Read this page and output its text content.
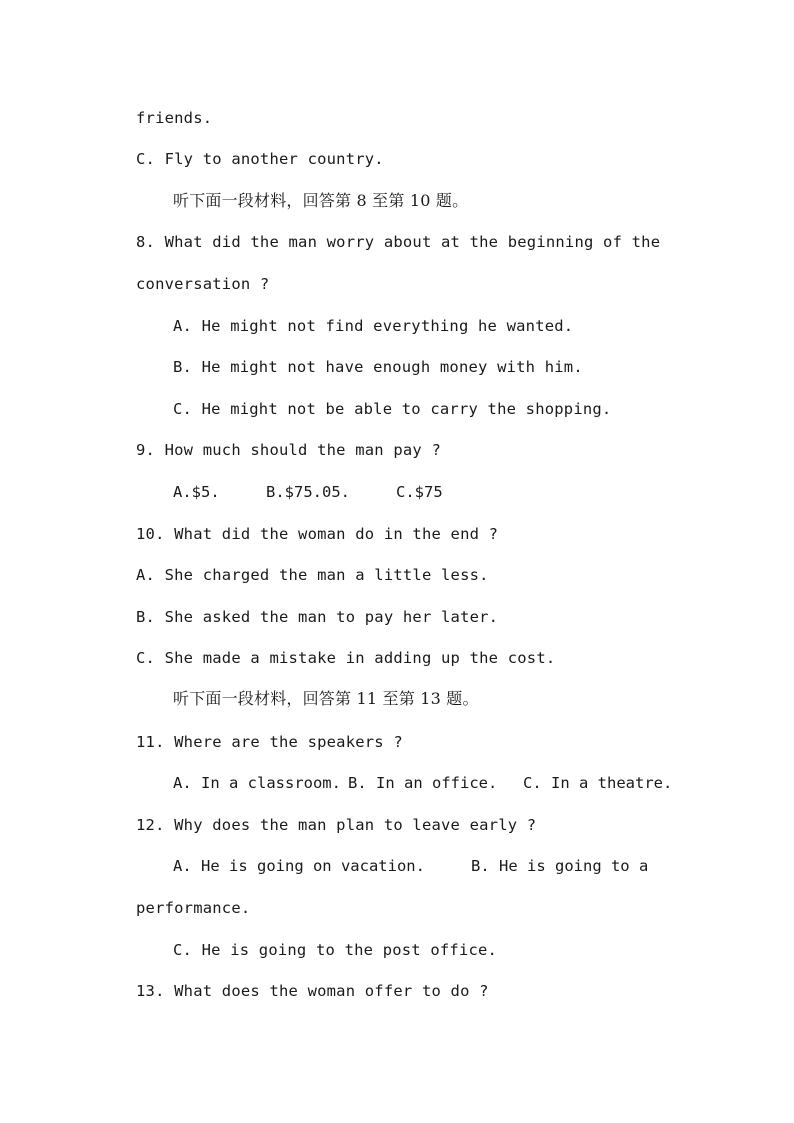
friends.
C. Fly to another country.
听下面一段材料，回答第 8 至第 10 题。
8. What did the man worry about at the beginning of the
conversation ?
A. He might not find everything he wanted.
B. He might not have enough money with him.
C. He might not be able to carry the shopping.
9. How much should the man pay ?
A.$5.	B.$75.05.	C.$75
10. What did the woman do in the end ?
A. She charged the man a little less.
B. She asked the man to pay her later.
C. She made a mistake in adding up the cost.
听下面一段材料，回答第 11 至第 13 题。
11. Where are the speakers ?
A. In a classroom. B. In an office. C. In a theatre.
12. Why does the man plan to leave early ?
A. He is going on vacation.	B. He is going to a
performance.
C. He is going to the post office.
13. What does the woman offer to do ?
